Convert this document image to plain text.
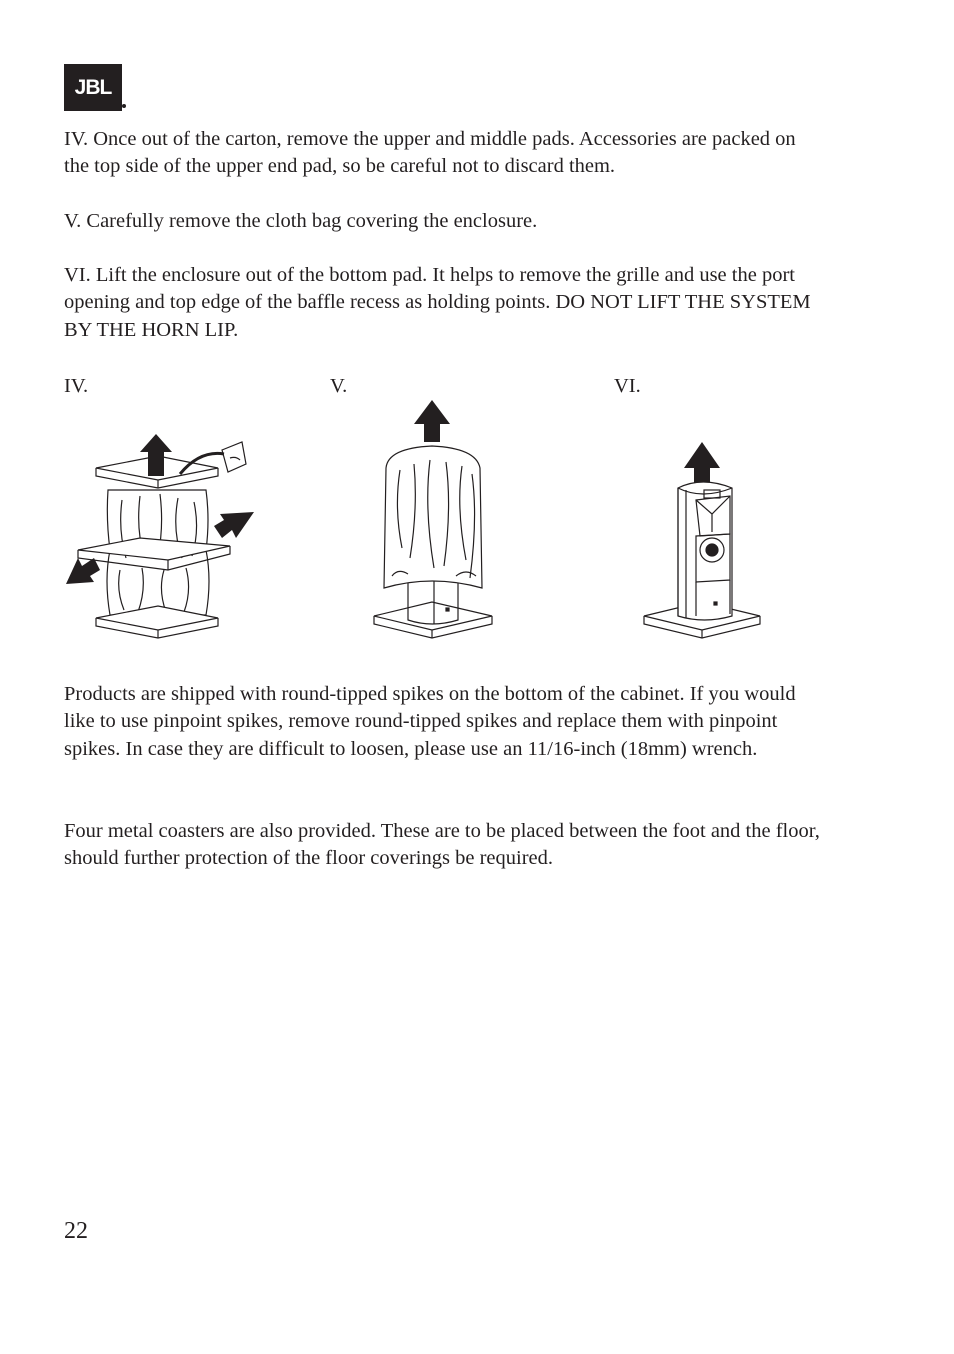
JBL

IV. Once out of the carton, remove the upper and middle pads. Accessories are packed on the top side of the upper end pad, so be careful not to discard them.

V. Carefully remove the cloth bag covering the enclosure.

VI. Lift the enclosure out of the bottom pad. It helps to remove the grille and use the port opening and top edge of the baffle recess as holding points. DO NOT LIFT THE SYSTEM BY THE HORN LIP.

IV.	V.	VI.

Products are shipped with round-tipped spikes on the bottom of the cabinet. If you would like to use pinpoint spikes, remove round-tipped spikes and replace them with pinpoint spikes. In case they are difficult to loosen, please use an 11/16-inch (18mm) wrench.

Four metal coasters are also provided. These are to be placed between the foot and the floor, should further protection of the floor coverings be required.

22
